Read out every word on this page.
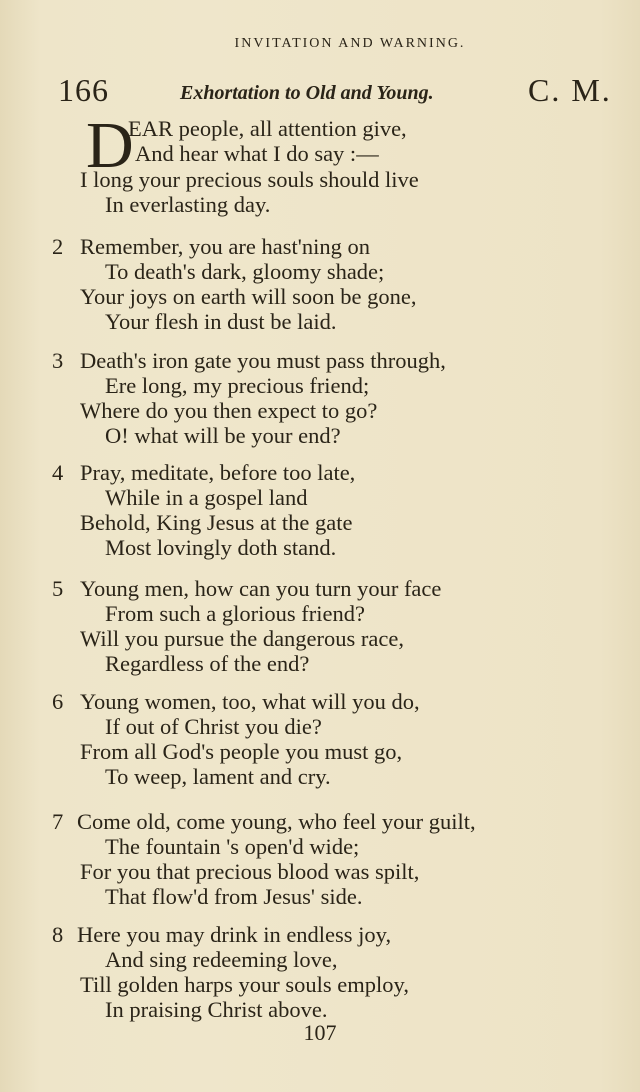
INVITATION AND WARNING.
166	Exhortation to Old and Young.	C. M.
D
EAR people, all attention give,
And hear what I do say :—
I long your precious souls should live
In everlasting day.
2 Remember, you are hast'ning on
To death's dark, gloomy shade;
Your joys on earth will soon be gone,
Your flesh in dust be laid.
3 Death's iron gate you must pass through,
Ere long, my precious friend;
Where do you then expect to go?
O! what will be your end?
4 Pray, meditate, before too late,
While in a gospel land
Behold, King Jesus at the gate
Most lovingly doth stand.
5 Young men, how can you turn your face
From such a glorious friend?
Will you pursue the dangerous race,
Regardless of the end?
6 Young women, too, what will you do,
If out of Christ you die?
From all God's people you must go,
To weep, lament and cry.
7 Come old, come young, who feel your guilt,
The fountain 's open'd wide;
For you that precious blood was spilt,
That flow'd from Jesus' side.
8 Here you may drink in endless joy,
And sing redeeming love,
Till golden harps your souls employ,
In praising Christ above.
107
